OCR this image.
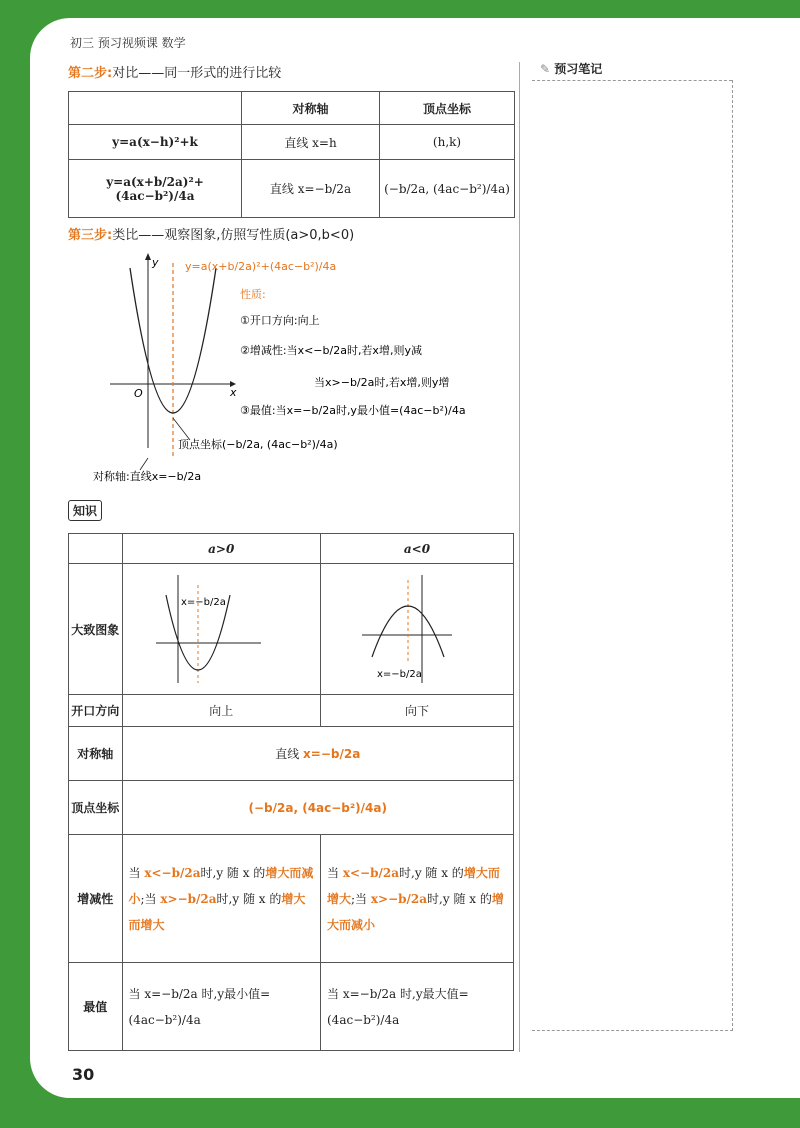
初三 预习视频课 数学
✎ 预习笔记
第二步:对比——同一形式的进行比较
	对称轴	顶点坐标
y=a(x−h)²+k	直线 x=h	(h,k)
y=a(x+b/2a)²+(4ac−b²)/4a	直线 x=−b/2a	(−b/2a, (4ac−b²)/4a)
第三步:类比——观察图象,仿照写性质(a>0,b<0)
x
y
O
y=a(x+b/2a)²+(4ac−b²)/4a
性质:
①开口方向:向上
②增减性:当x<−b/2a时,若x增,则y减
当x>−b/2a时,若x增,则y增
③最值:当x=−b/2a时,y最小值=(4ac−b²)/4a
顶点坐标(−b/2a, (4ac−b²)/4a)
对称轴:直线x=−b/2a
知识
	a>0	a<0
大致图象	x=−b/2a	x=−b/2a

开口方向	向上	向下
对称轴	直线 x=−b/2a	
顶点坐标	(−b/2a, (4ac−b²)/4a)	
增减性	当 x<−b/2a时,y 随 x 的增大而减小;当 x>−b/2a时,y 随 x 的增大而增大	当 x<−b/2a时,y 随 x 的增大而增大;当 x>−b/2a时,y 随 x 的增大而减小
最值	当 x=−b/2a 时,y最小值=(4ac−b²)/4a	当 x=−b/2a 时,y最大值=(4ac−b²)/4a
30
